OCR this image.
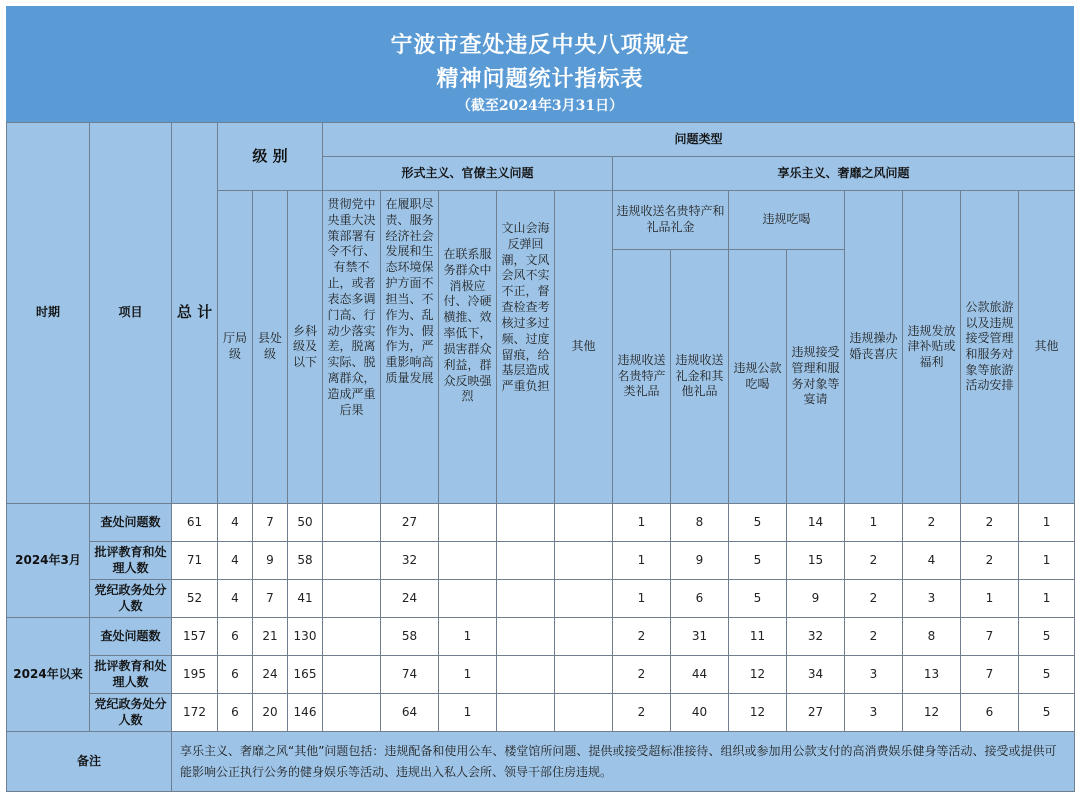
宁波市查处违反中央八项规定
精神问题统计指标表
（截至2024年3月31日）
时期	项目	总 计	级 别			问题类型												
						形式主义、官僚主义问题					享乐主义、奢靡之风问题							
			厅局级	县处级	乡科级及以下	贯彻党中央重大决策部署有令不行、有禁不止，或者表态多调门高、行动少落实差，脱离实际、脱离群众，造成严重后果	在履职尽责、服务经济社会发展和生态环境保护方面不担当、不作为、乱作为、假作为，严重影响高质量发展	在联系服务群众中消极应付、冷硬横推、效率低下，损害群众利益，群众反映强烈	文山会海反弹回潮，文风会风不实不正，督查检查考核过多过频、过度留痕，给基层造成严重负担	其他	违规收送名贵特产和礼品礼金		违规吃喝		违规操办婚丧喜庆	违规发放津补贴或福利	公款旅游以及违规接受管理和服务对象等旅游活动安排	其他
											违规收送名贵特产类礼品	违规收送礼金和其他礼品	违规公款吃喝	违规接受管理和服务对象等宴请				
2024年3月	查处问题数	61	4	7	50		27				1	8	5	14	1	2	2	1
	批评教育和处理人数	71	4	9	58		32				1	9	5	15	2	4	2	1
	党纪政务处分人数	52	4	7	41		24				1	6	5	9	2	3	1	1
2024年以来	查处问题数	157	6	21	130		58	1			2	31	11	32	2	8	7	5
	批评教育和处理人数	195	6	24	165		74	1			2	44	12	34	3	13	7	5
	党纪政务处分人数	172	6	20	146		64	1			2	40	12	27	3	12	6	5
备注		享乐主义、奢靡之风“其他”问题包括：违规配备和使用公车、楼堂馆所问题、提供或接受超标准接待、组织或参加用公款支付的高消费娱乐健身等活动、接受或提供可能影响公正执行公务的健身娱乐等活动、违规出入私人会所、领导干部住房违规。																
